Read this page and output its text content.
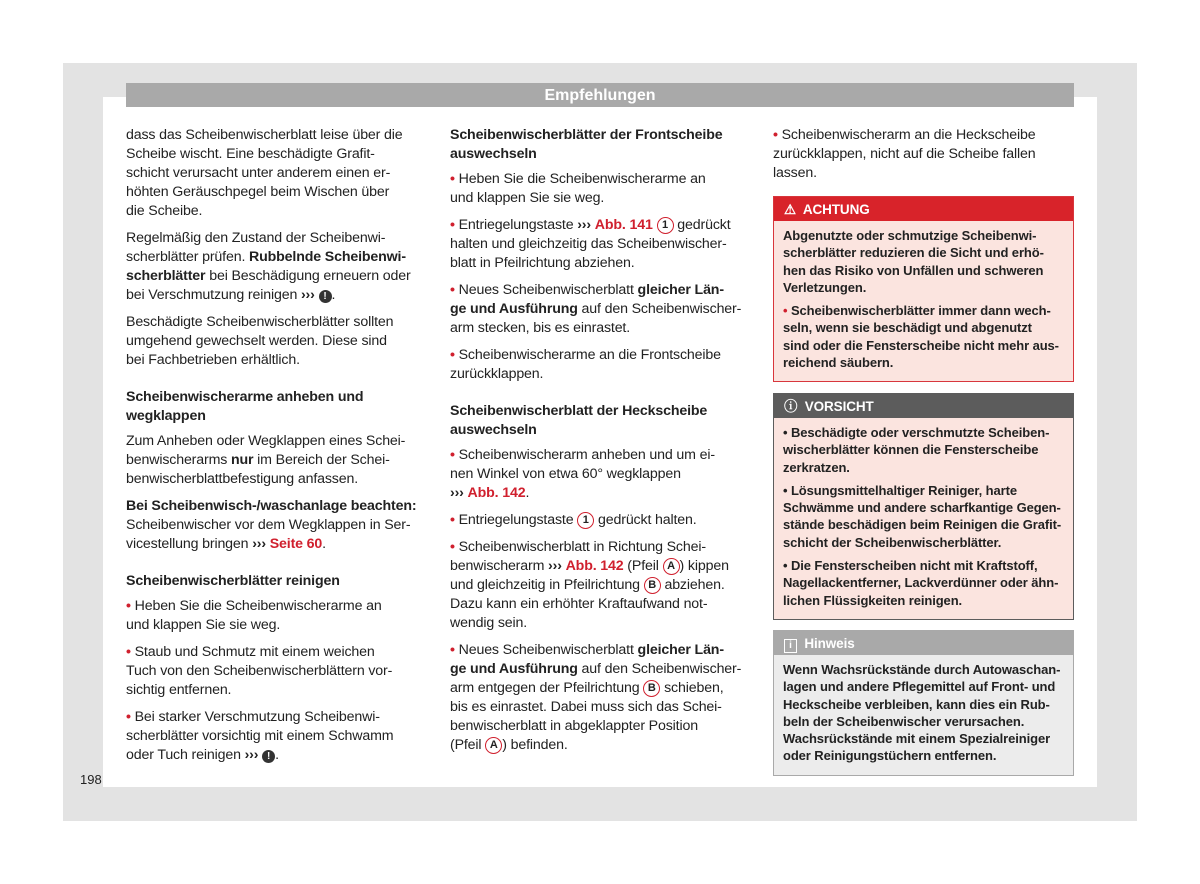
Empfehlungen

dass das Scheibenwischerblatt leise über die
Scheibe wischt. Eine beschädigte Grafit-
schicht verursacht unter anderem einen er-
höhten Geräuschpegel beim Wischen über
die Scheibe.

Regelmäßig den Zustand der Scheibenwi-
scherblätter prüfen. Rubbelnde Scheibenwi-
scherblätter bei Beschädigung erneuern oder
bei Verschmutzung reinigen ››› ! .

Beschädigte Scheibenwischerblätter sollten
umgehend gewechselt werden. Diese sind
bei Fachbetrieben erhältlich.

Scheibenwischerarme anheben und
wegklappen

Zum Anheben oder Wegklappen eines Schei-
benwischerarms nur im Bereich der Schei-
benwischerblattbefestigung anfassen.

Bei Scheibenwisch-/waschanlage beachten:
Scheibenwischer vor dem Wegklappen in Ser-
vicestellung bringen ››› Seite 60.

Scheibenwischerblätter reinigen

• Heben Sie die Scheibenwischerarme an
und klappen Sie sie weg.

• Staub und Schmutz mit einem weichen
Tuch von den Scheibenwischerblättern vor-
sichtig entfernen.

• Bei starker Verschmutzung Scheibenwi-
scherblätter vorsichtig mit einem Schwamm
oder Tuch reinigen ››› ! .

Scheibenwischerblätter der Frontscheibe
auswechseln

• Heben Sie die Scheibenwischerarme an
und klappen Sie sie weg.

• Entriegelungstaste ››› Abb. 141 1 gedrückt
halten und gleichzeitig das Scheibenwischer-
blatt in Pfeilrichtung abziehen.

• Neues Scheibenwischerblatt gleicher Län-
ge und Ausführung auf den Scheibenwischer-
arm stecken, bis es einrastet.

• Scheibenwischerarme an die Frontscheibe
zurückklappen.

Scheibenwischerblatt der Heckscheibe
auswechseln

• Scheibenwischerarm anheben und um ei-
nen Winkel von etwa 60° wegklappen
››› Abb. 142.

• Entriegelungstaste 1 gedrückt halten.

• Scheibenwischerblatt in Richtung Schei-
benwischerarm ››› Abb. 142 (Pfeil A ) kippen
und gleichzeitig in Pfeilrichtung B abziehen.
Dazu kann ein erhöhter Kraftaufwand not-
wendig sein.

• Neues Scheibenwischerblatt gleicher Län-
ge und Ausführung auf den Scheibenwischer-
arm entgegen der Pfeilrichtung B schieben,
bis es einrastet. Dabei muss sich das Schei-
benwischerblatt in abgeklappter Position
(Pfeil A ) befinden.

• Scheibenwischerarm an die Heckscheibe
zurückklappen, nicht auf die Scheibe fallen
lassen.

⚠ ACHTUNG

Abgenutzte oder schmutzige Scheibenwi-
scherblätter reduzieren die Sicht und erhö-
hen das Risiko von Unfällen und schweren
Verletzungen.

• Scheibenwischerblätter immer dann wech-
seln, wenn sie beschädigt und abgenutzt
sind oder die Fensterscheibe nicht mehr aus-
reichend säubern.

ⓘ VORSICHT

• Beschädigte oder verschmutzte Scheiben-
wischerblätter können die Fensterscheibe
zerkratzen.

• Lösungsmittelhaltiger Reiniger, harte
Schwämme und andere scharfkantige Gegen-
stände beschädigen beim Reinigen die Grafit-
schicht der Scheibenwischerblätter.

• Die Fensterscheiben nicht mit Kraftstoff,
Nagellackentferner, Lackverdünner oder ähn-
lichen Flüssigkeiten reinigen.

i Hinweis

Wenn Wachsrückstände durch Autowaschan-
lagen und andere Pflegemittel auf Front- und
Heckscheibe verbleiben, kann dies ein Rub-
beln der Scheibenwischer verursachen.
Wachsrückstände mit einem Spezialreiniger
oder Reinigungstüchern entfernen.

198
